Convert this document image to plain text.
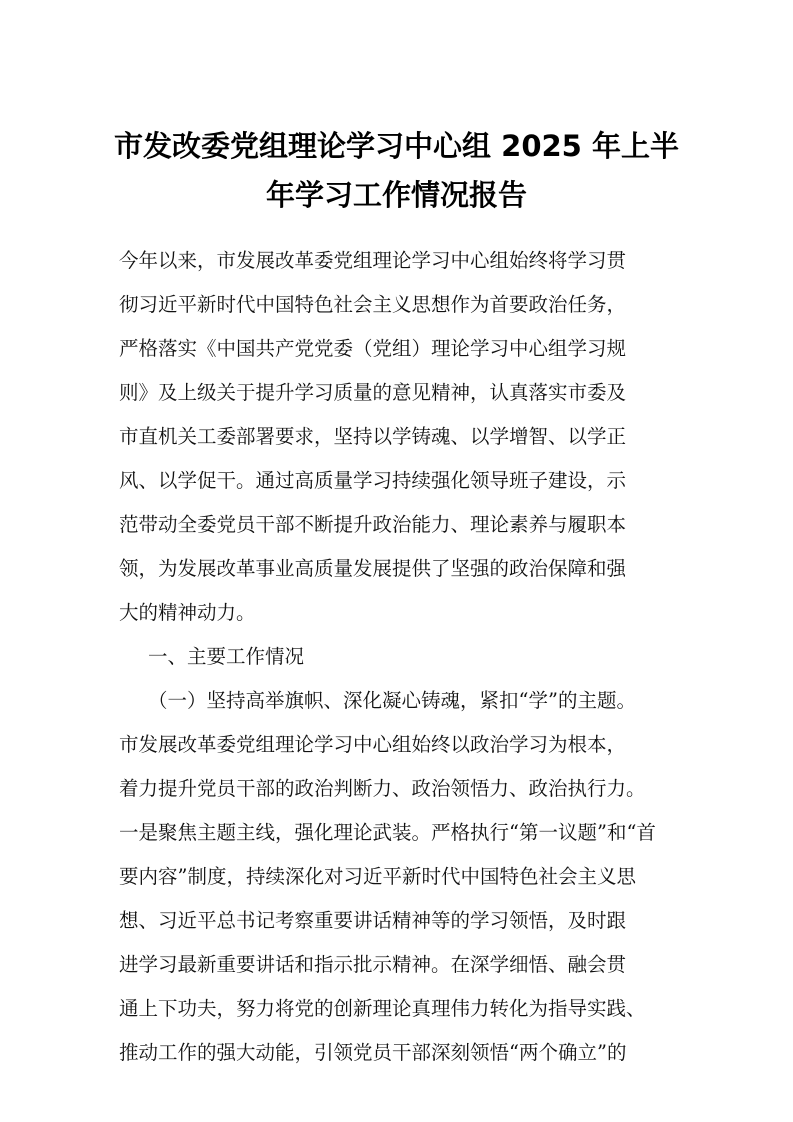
市发改委党组理论学习中心组 2025 年上半
年学习工作情况报告
今年以来，市发展改革委党组理论学习中心组始终将学习贯
彻习近平新时代中国特色社会主义思想作为首要政治任务，
严格落实《中国共产党党委（党组）理论学习中心组学习规
则》及上级关于提升学习质量的意见精神，认真落实市委及
市直机关工委部署要求，坚持以学铸魂、以学增智、以学正
风、以学促干。通过高质量学习持续强化领导班子建设，示
范带动全委党员干部不断提升政治能力、理论素养与履职本
领，为发展改革事业高质量发展提供了坚强的政治保障和强
大的精神动力。
一、主要工作情况
（一）坚持高举旗帜、深化凝心铸魂，紧扣“学”的主题。
市发展改革委党组理论学习中心组始终以政治学习为根本，
着力提升党员干部的政治判断力、政治领悟力、政治执行力。
一是聚焦主题主线，强化理论武装。严格执行“第一议题”和“首
要内容”制度，持续深化对习近平新时代中国特色社会主义思
想、习近平总书记考察重要讲话精神等的学习领悟，及时跟
进学习最新重要讲话和指示批示精神。在深学细悟、融会贯
通上下功夫，努力将党的创新理论真理伟力转化为指导实践、
推动工作的强大动能，引领党员干部深刻领悟“两个确立”的
